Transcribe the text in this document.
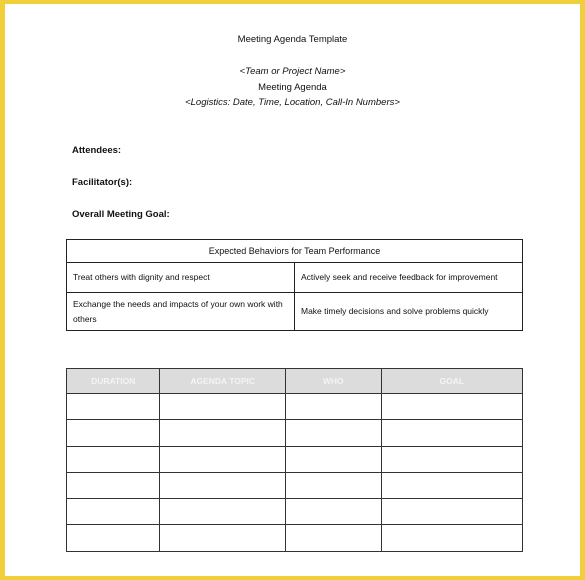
Meeting Agenda Template
<Team or Project Name>
Meeting Agenda
<Logistics: Date, Time, Location, Call-In Numbers>
Attendees:
Facilitator(s):
Overall Meeting Goal:
Expected Behaviors for Team Performance	
Treat others with dignity and respect	Actively seek and receive feedback for improvement
Exchange the needs and impacts of your own work with others	Make timely decisions and solve problems quickly
DURATION	AGENDA TOPIC	WHO	GOAL
